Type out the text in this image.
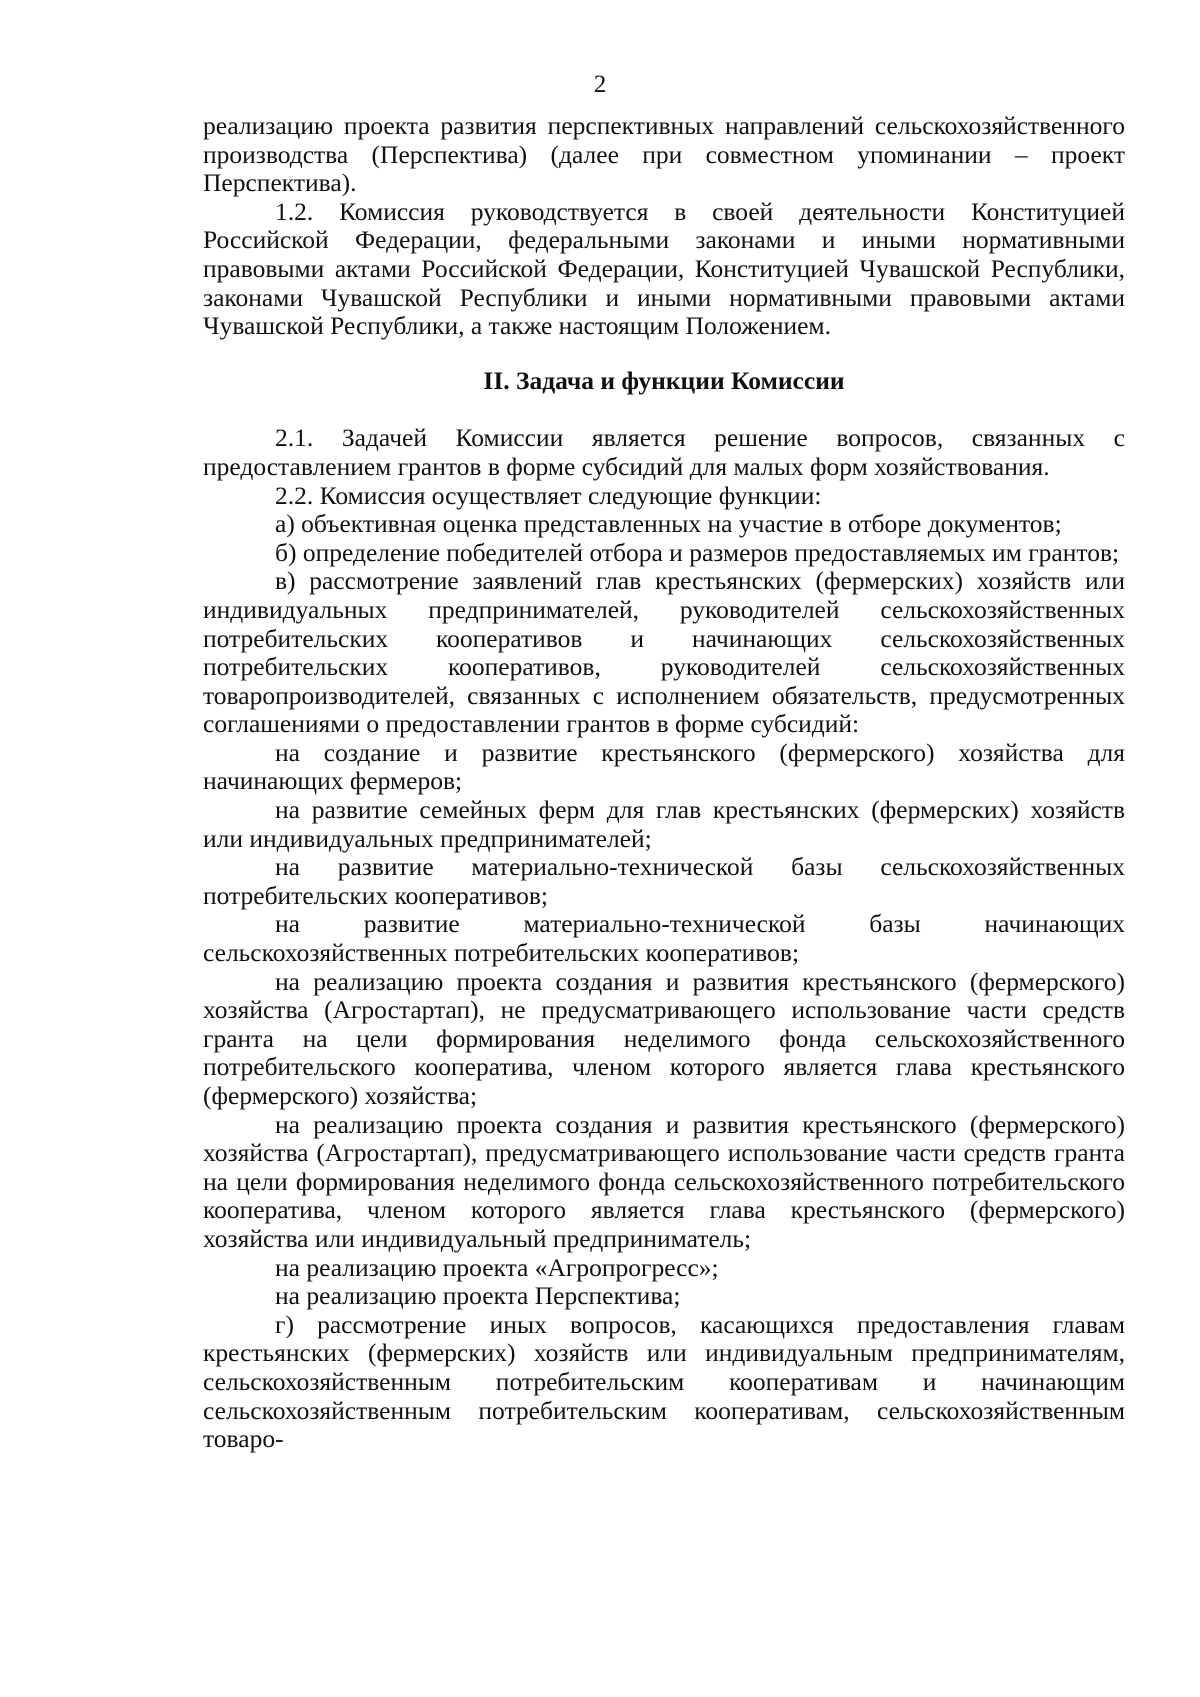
2

реализацию проекта развития перспективных направлений сельскохозяйственного производства (Перспектива) (далее при совместном упоминании – проект Перспектива).

1.2. Комиссия руководствуется в своей деятельности Конституцией Российской Федерации, федеральными законами и иными нормативными правовыми актами Российской Федерации, Конституцией Чувашской Республики, законами Чувашской Республики и иными нормативными правовыми актами Чувашской Республики, а также настоящим Положением.

II. Задача и функции Комиссии

2.1. Задачей Комиссии является решение вопросов, связанных с предоставлением грантов в форме субсидий для малых форм хозяйствования.

2.2. Комиссия осуществляет следующие функции:

а) объективная оценка представленных на участие в отборе документов;

б) определение победителей отбора и размеров предоставляемых им грантов;

в) рассмотрение заявлений глав крестьянских (фермерских) хозяйств или индивидуальных предпринимателей, руководителей сельскохозяйственных потребительских кооперативов и начинающих сельскохозяйственных потребительских кооперативов, руководителей сельскохозяйственных товаропроизводителей, связанных с исполнением обязательств, предусмотренных соглашениями о предоставлении грантов в форме субсидий:

на создание и развитие крестьянского (фермерского) хозяйства для начинающих фермеров;

на развитие семейных ферм для глав крестьянских (фермерских) хозяйств или индивидуальных предпринимателей;

на развитие материально-технической базы сельскохозяйственных потребительских кооперативов;

на развитие материально-технической базы начинающих сельскохозяйственных потребительских кооперативов;

на реализацию проекта создания и развития крестьянского (фермерского) хозяйства (Агростартап), не предусматривающего использование части средств гранта на цели формирования неделимого фонда сельскохозяйственного потребительского кооператива, членом которого является глава крестьянского (фермерского) хозяйства;

на реализацию проекта создания и развития крестьянского (фермерского) хозяйства (Агростартап), предусматривающего использование части средств гранта на цели формирования неделимого фонда сельскохозяйственного потребительского кооператива, членом которого является глава крестьянского (фермерского) хозяйства или индивидуальный предприниматель;

на реализацию проекта «Агропрогресс»;

на реализацию проекта Перспектива;

г) рассмотрение иных вопросов, касающихся предоставления главам крестьянских (фермерских) хозяйств или индивидуальным предпринимателям, сельскохозяйственным потребительским кооперативам и начинающим сельскохозяйственным потребительским кооперативам, сельскохозяйственным товаро-
